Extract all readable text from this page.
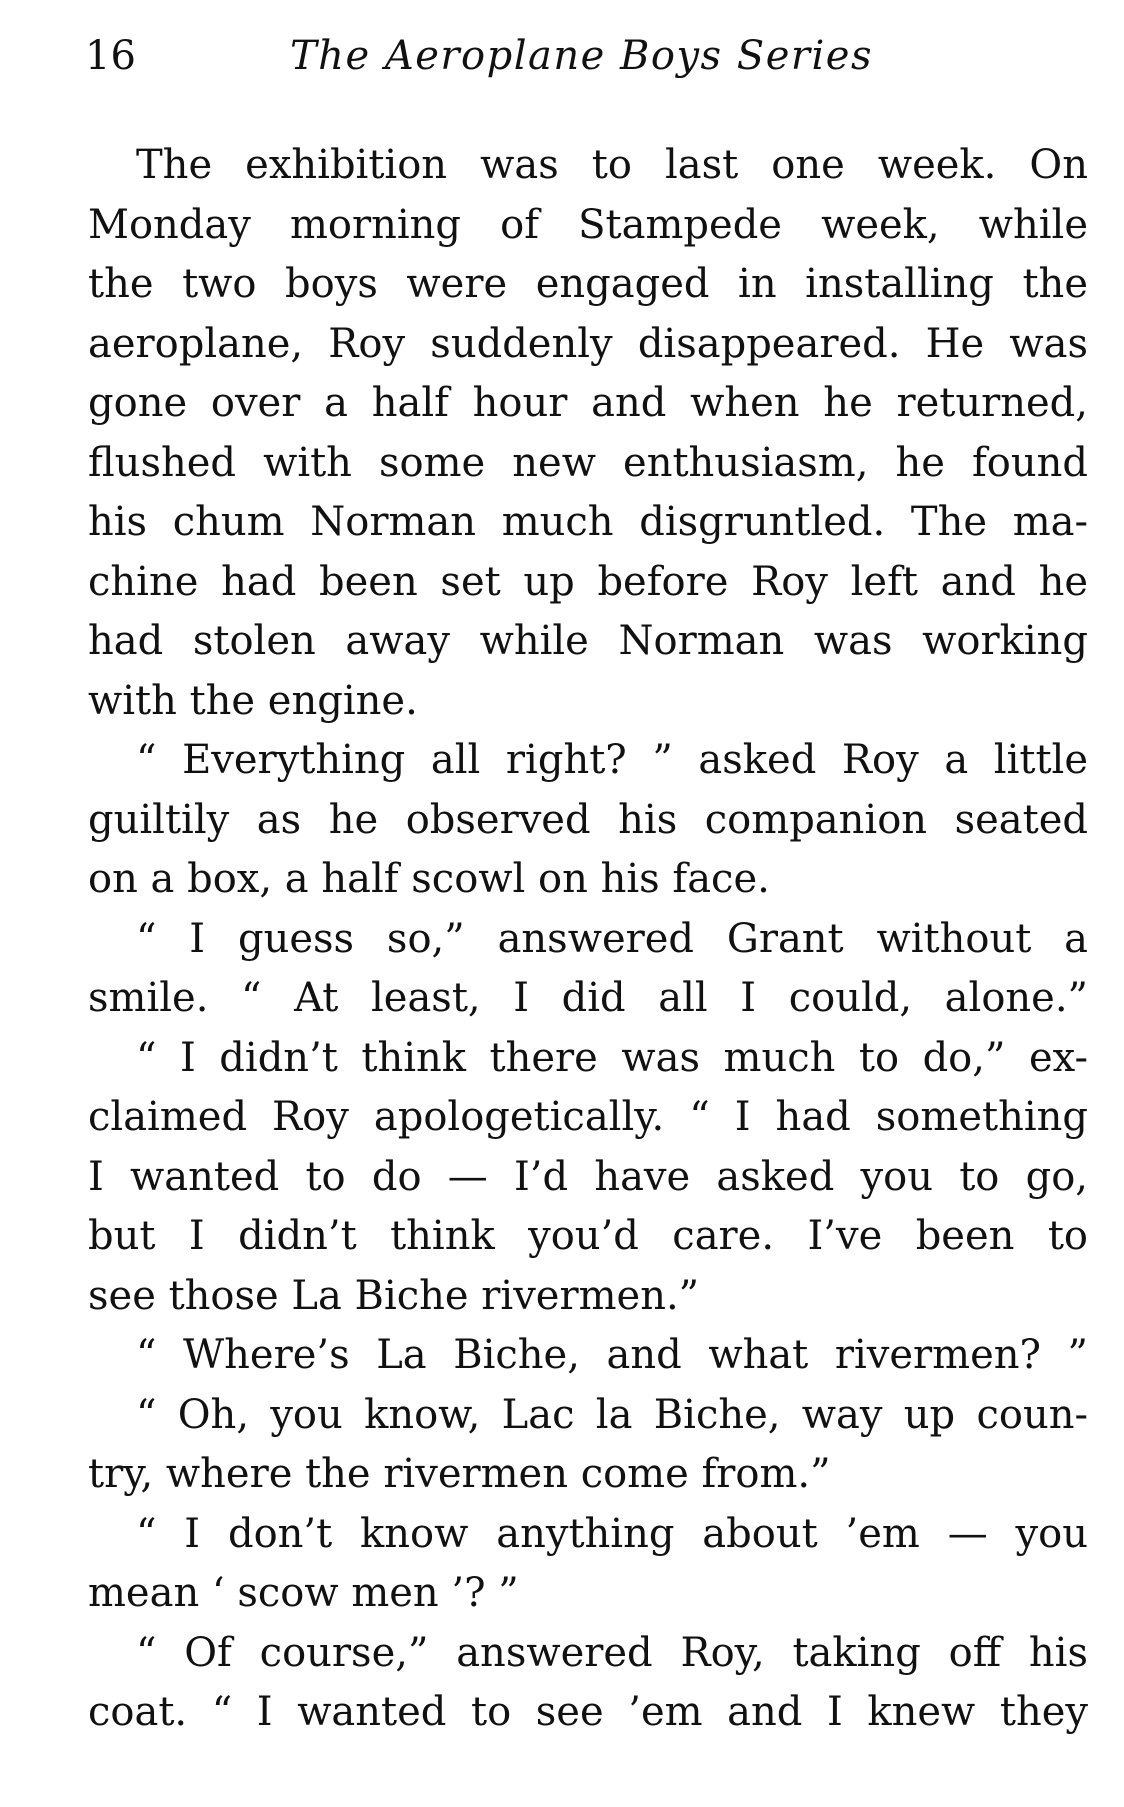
16	The Aeroplane Boys Series
The exhibition was to last one week. On
Monday morning of Stampede week, while
the two boys were engaged in installing the
aeroplane, Roy suddenly disappeared. He was
gone over a half hour and when he returned,
flushed with some new enthusiasm, he found
his chum Norman much disgruntled. The ma-
chine had been set up before Roy left and he
had stolen away while Norman was working
with the engine.
“ Everything all right? ” asked Roy a little
guiltily as he observed his companion seated
on a box, a half scowl on his face.
“ I guess so,” answered Grant without a
smile. “ At least, I did all I could, alone.”
“ I didn’t think there was much to do,” ex-
claimed Roy apologetically. “ I had something
I wanted to do — I’d have asked you to go,
but I didn’t think you’d care. I’ve been to
see those La Biche rivermen.”
“ Where’s La Biche, and what rivermen? ”
“ Oh, you know, Lac la Biche, way up coun-
try, where the rivermen come from.”
“ I don’t know anything about ’em — you
mean ‘ scow men ’? ”
“ Of course,” answered Roy, taking off his
coat. “ I wanted to see ’em and I knew they
